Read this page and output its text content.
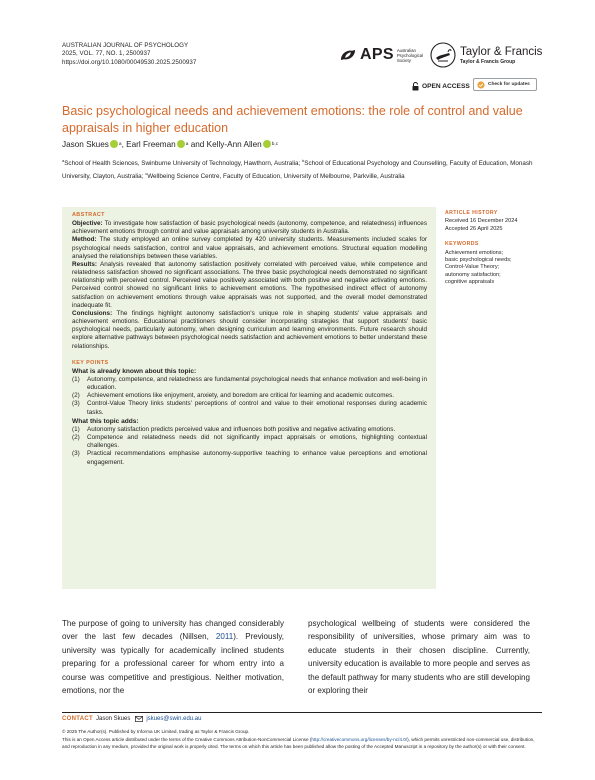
AUSTRALIAN JOURNAL OF PSYCHOLOGY
2025, VOL. 77, NO. 1, 2500937
https://doi.org/10.1080/00049530.2025.2500937	APS Australian
Psychological
Society
Taylor & Francis
Taylor & Francis Group
OPEN ACCESS	Check for updates
Basic psychological needs and achievement emotions: the role of control and value appraisals in higher education
Jason Skues a ,
Earl Freeman a
and
Kelly-Ann Allen b,c
$^a$School of Health Sciences, Swinburne University of Technology, Hawthorn, Australia; $^b$School of Educational Psychology and Counselling, Faculty of Education, Monash University, Clayton, Australia; $^c$Wellbeing Science Centre, Faculty of Education, University of Melbourne, Parkville, Australia
ABSTRACT

Objective: To investigate how satisfaction of basic psychological needs (autonomy, competence, and relatedness) influences achievement emotions through control and value appraisals among university students in Australia.

Method: The study employed an online survey completed by 420 university students. Measurements included scales for psychological needs satisfaction, control and value appraisals, and achievement emotions. Structural equation modelling analysed the relationships between these variables.

Results: Analysis revealed that autonomy satisfaction positively correlated with perceived value, while competence and relatedness satisfaction showed no significant associations. The three basic psychological needs demonstrated no significant relationship with perceived control. Perceived value positively associated with both positive and negative activating emotions. Perceived control showed no significant links to achievement emotions. The hypothesised indirect effect of autonomy satisfaction on achievement emotions through value appraisals was not supported, and the overall model demonstrated inadequate fit.

Conclusions: The findings highlight autonomy satisfaction's unique role in shaping students' value appraisals and achievement emotions. Educational practitioners should consider incorporating strategies that support students' basic psychological needs, particularly autonomy, when designing curriculum and learning environments. Future research should explore alternative pathways between psychological needs satisfaction and achievement emotions to better understand these relationships.

KEY POINTS
What is already known about this topic:
(1)	Autonomy, competence, and relatedness are fundamental psychological needs that enhance motivation and well-being in education.
(2)	Achievement emotions like enjoyment, anxiety, and boredom are critical for learning and academic outcomes.
(3)	Control-Value Theory links students' perceptions of control and value to their emotional responses during academic tasks.
What this topic adds:
(1)	Autonomy satisfaction predicts perceived value and influences both positive and negative activating emotions.
(2)	Competence and relatedness needs did not significantly impact appraisals or emotions, highlighting contextual challenges.
(3)	Practical recommendations emphasise autonomy-supportive teaching to enhance value perceptions and emotional engagement.
ARTICLE HISTORY
Received 16 December 2024
Accepted 26 April 2025
KEYWORDS
Achievement emotions;
basic psychological needs;
Control-Value Theory;
autonomy satisfaction;
cognitive appraisals

The purpose of going to university has changed considerably over the last few decades (Nillsen, 2011). Previously, university was typically for academically inclined students preparing for a professional career for whom entry into a course was competitive and prestigious. Neither motivation, emotions, nor the

psychological wellbeing of students were considered the responsibility of universities, whose primary aim was to educate students in their chosen discipline. Currently, university education is available to more people and serves as the default pathway for many students who are still developing or exploring their

CONTACT Jason Skues	jskues@swin.edu.au
© 2025 The Author(s). Published by Informa UK Limited, trading as Taylor & Francis Group.
This is an Open Access article distributed under the terms of the Creative Commons Attribution-NonCommercial License (http://creativecommons.org/licenses/by-nc/4.0/), which permits unrestricted non-commercial use, distribution, and reproduction in any medium, provided the original work is properly cited. The terms on which this article has been published allow the posting of the Accepted Manuscript in a repository by the author(s) or with their consent.
